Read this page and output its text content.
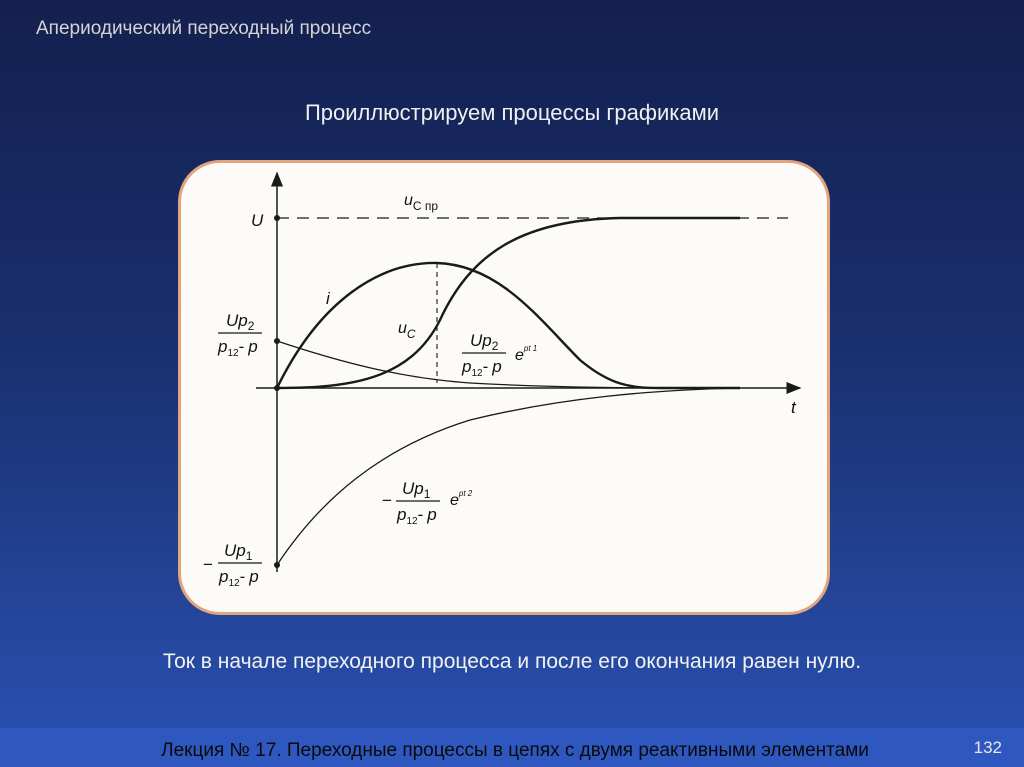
Апериодический переходный процесс
Проиллюстрируем процессы графиками
U
t
$u_{C пр}$
i
$u_C$
$Up_2$
$p_{12}-$ p	$Up_2$
$p_{12}-$ p
$e^{pt 1}$
−
$Up_1$
$p_{12}-$ p
$e^{pt 2}$
−
$Up_1$
$p_{12}-$ p
Ток в начале переходного процесса и после его окончания равен нулю.
Лекция № 17. Переходные процессы в цепях с двумя реактивными элементами	132
